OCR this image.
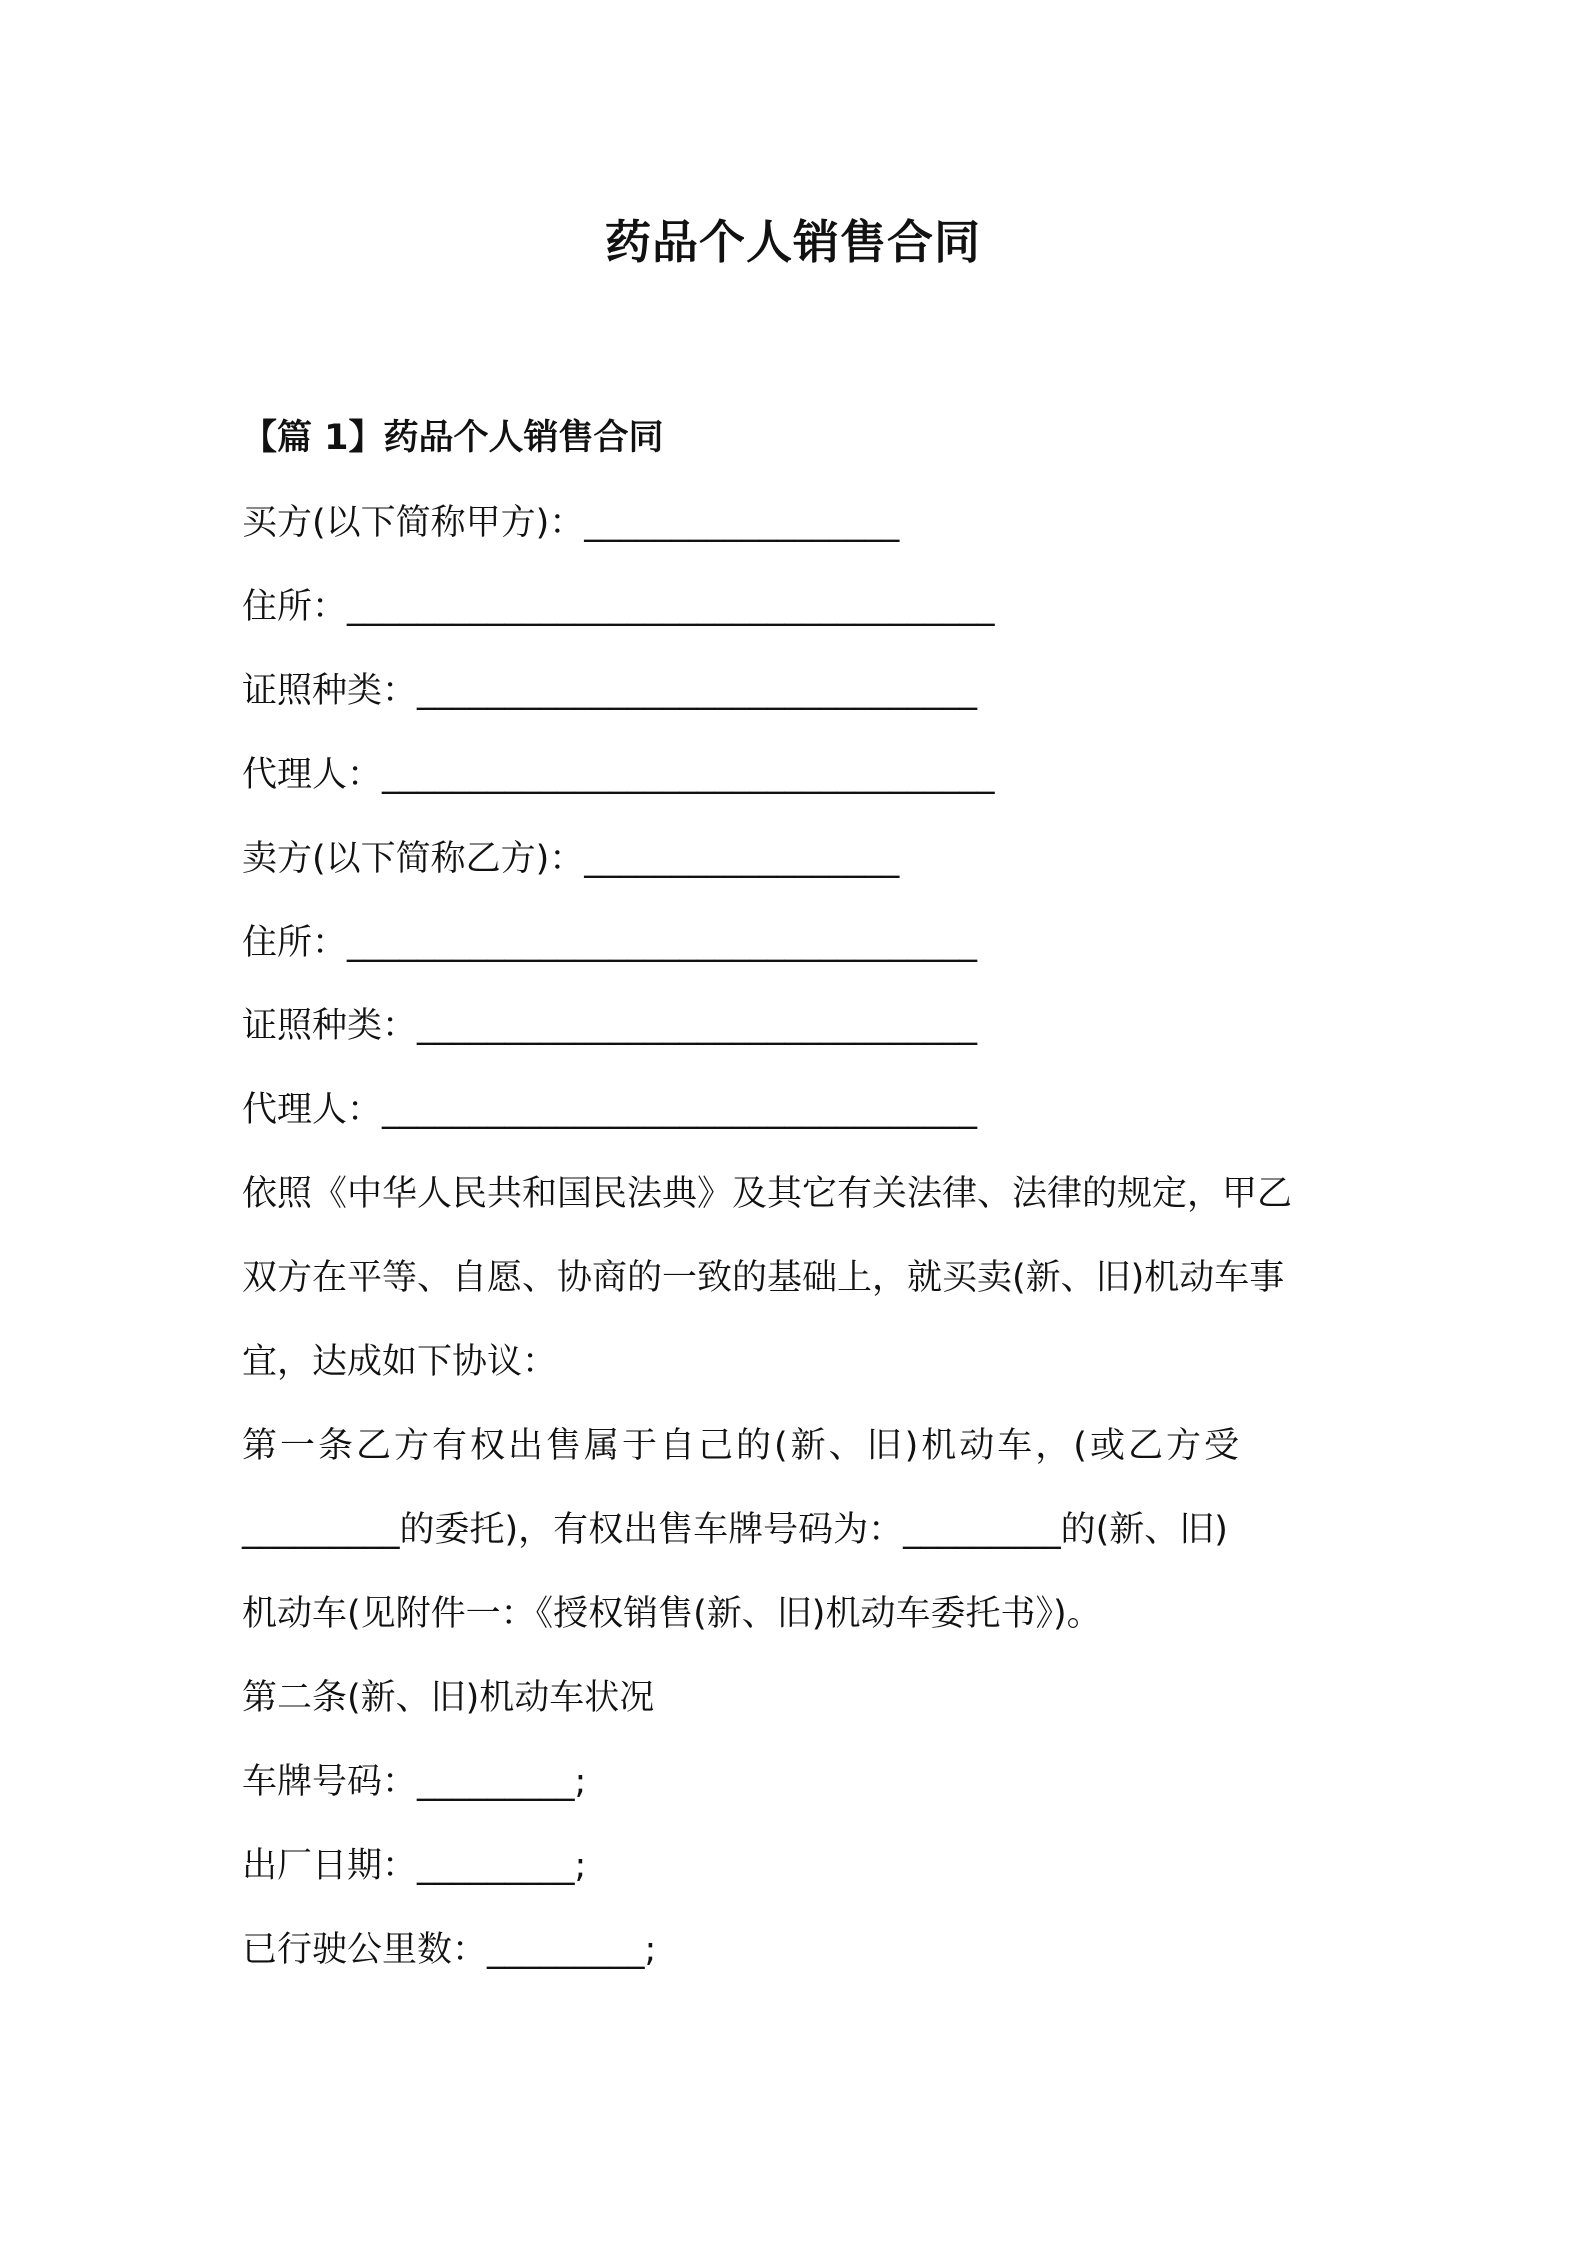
药品个人销售合同
【篇 1】药品个人销售合同
买方(以下简称甲方)：__________________
住所：_____________________________________
证照种类：________________________________
代理人：___________________________________
卖方(以下简称乙方)：__________________
住所：____________________________________
证照种类：________________________________
代理人：__________________________________
依照《中华人民共和国民法典》及其它有关法律、法律的规定，甲乙
双方在平等、自愿、协商的一致的基础上，就买卖(新、旧)机动车事
宜，达成如下协议：
第一条乙方有权出售属于自己的(新、旧)机动车，(或乙方受
_________的委托)，有权出售车牌号码为：_________的(新、旧)
机动车(见附件一：《授权销售(新、旧)机动车委托书》)。
第二条(新、旧)机动车状况
车牌号码：_________;
出厂日期：_________;
已行驶公里数：_________;
